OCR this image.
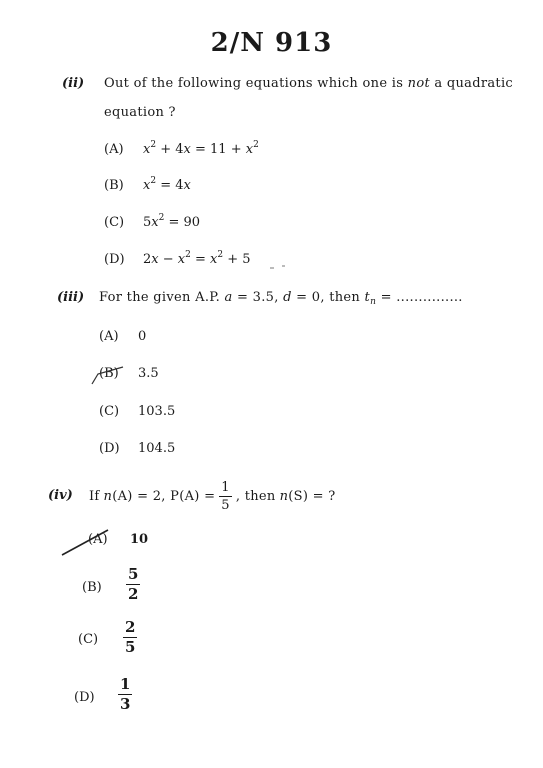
2/N 913
(ii) Out of the following equations which one is not a quadratic
equation ?
(A) $x^2 + 4x = 11 + x^2$
(B) $x^2 = 4x$
(C) $5x^2 = 90$
(D) $2x - x^2 = x^2 + 5$
(iii) For the given A.P. a = 3.5, d = 0, then $t_n$ = ...............
(A) 0
(B) 3.5
(C) 103.5
(D) 104.5
(iv) If n(A) = 2, $P(A) = \frac{1}{5}$ , then n(S) = ?
(A) 10
$(B) \frac{5}{2}$
$(C) \frac{2}{5}$
$(D) \frac{1}{3}$
